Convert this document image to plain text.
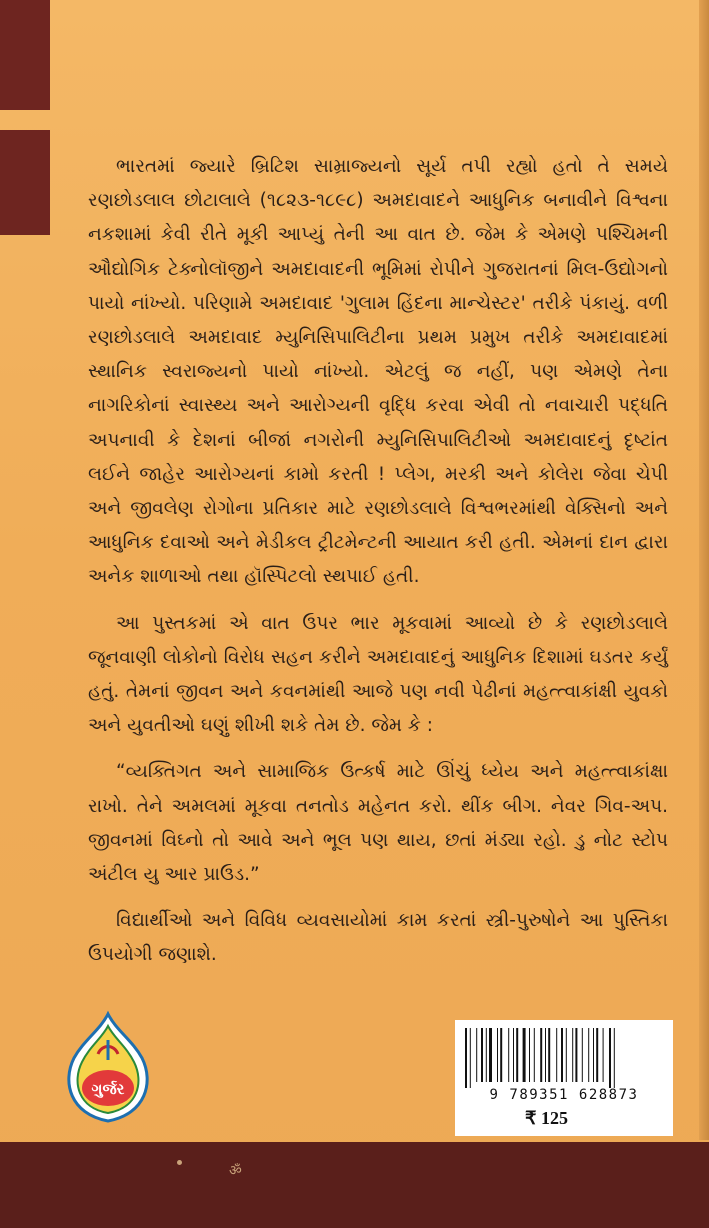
ભારતમાં જ્યારે બ્રિટિશ સામ્રાજ્યનો સૂર્ય તપી રહ્યો હતો તે સમયે રણછોડલાલ છોટાલાલે (૧૮૨૩-૧૮૯૮) અમદાવાદને આધુનિક બનાવીને વિશ્વના નકશામાં કેવી રીતે મૂકી આપ્યું તેની આ વાત છે. જેમ કે એમણે પશ્ચિમની ઔદ્યોગિક ટેક્નોલૉજીને અમદાવાદની ભૂમિમાં રોપીને ગુજરાતનાં મિલ-ઉદ્યોગનો પાયો નાંખ્યો. પરિણામે અમદાવાદ 'ગુલામ હિંદના માન્ચેસ્ટર' તરીકે પંકાયું. વળી રણછોડલાલે અમદાવાદ મ્યુનિસિપાલિટીના પ્રથમ પ્રમુખ તરીકે અમદાવાદમાં સ્થાનિક સ્વરાજ્યનો પાયો નાંખ્યો. એટલું જ નહીં, પણ એમણે તેના નાગરિકોનાં સ્વાસ્થ્ય અને આરોગ્યની વૃદ્ધિ કરવા એવી તો નવાચારી પદ્ધતિ અપનાવી કે દેશનાં બીજાં નગરોની મ્યુનિસિપાલિટીઓ અમદાવાદનું દૃષ્ટાંત લઈને જાહેર આરોગ્યનાં કામો કરતી ! પ્લેગ, મરકી અને કોલેરા જેવા ચેપી અને જીવલેણ રોગોના પ્રતિકાર માટે રણછોડલાલે વિશ્વભરમાંથી વેક્સિનો અને આધુનિક દવાઓ અને મેડીકલ ટ્રીટમેન્ટની આયાત કરી હતી. એમનાં દાન દ્વારા અનેક શાળાઓ તથા હૉસ્પિટલો સ્થપાઈ હતી.

આ પુસ્તકમાં એ વાત ઉપર ભાર મૂકવામાં આવ્યો છે કે રણછોડલાલે જૂનવાણી લોકોનો વિરોધ સહન કરીને અમદાવાદનું આધુનિક દિશામાં ઘડતર કર્યું હતું. તેમનાં જીવન અને કવનમાંથી આજે પણ નવી પેઢીનાં મહત્ત્વાકાંક્ષી યુવકો અને યુવતીઓ ઘણું શીખી શકે તેમ છે. જેમ કે :

“વ્યક્તિગત અને સામાજિક ઉત્કર્ષ માટે ઊંચું ધ્યેય અને મહત્ત્વાકાંક્ષા રાખો. તેને અમલમાં મૂકવા તનતોડ મહેનત કરો. થીંક બીગ. નેવર ગિવ-અપ. જીવનમાં વિઘ્નો તો આવે અને ભૂલ પણ થાય, છતાં મંડ્યા રહો. ડુ નોટ સ્ટોપ અંટીલ યુ આર પ્રાઉડ.”

વિદ્યાર્થીઓ અને વિવિધ વ્યવસાયોમાં કામ કરતાં સ્ત્રી-પુરુષોને આ પુસ્તિકા ઉપયોગી જણાશે.

ગુર્જર	9 789351 628873
₹ 125
ॐ
